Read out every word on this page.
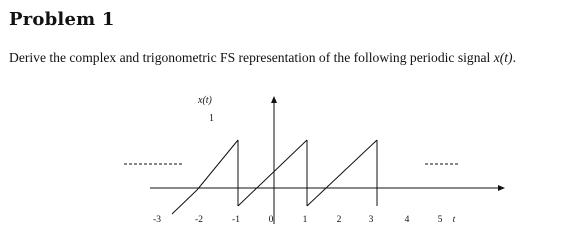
Problem 1

Derive the complex and trigonometric FS representation of the following periodic signal x(t).

x(t)
1
-3	-2	-1	0	1	2	3	4	5 t
